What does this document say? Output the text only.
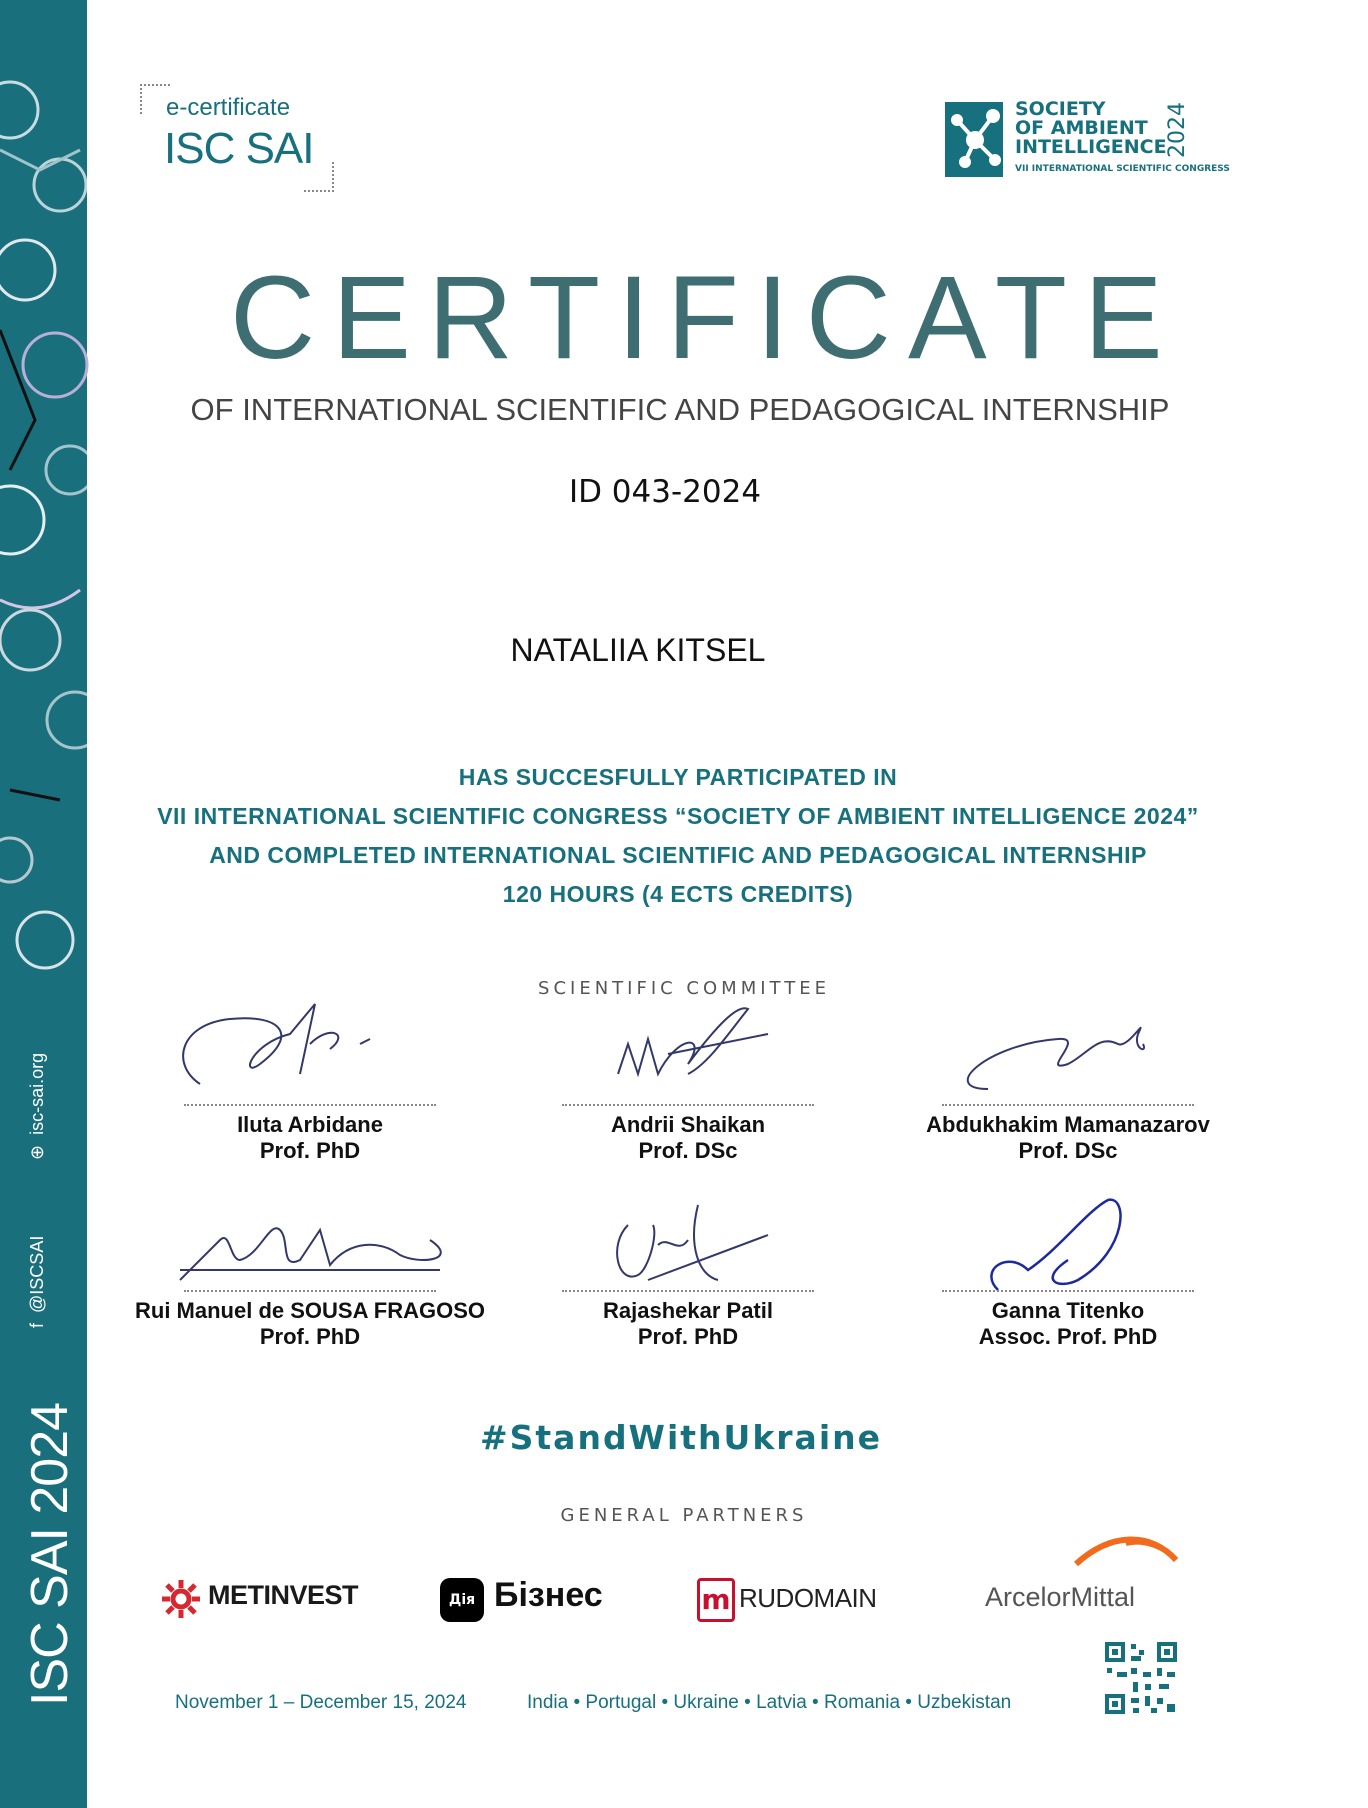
⊕  isc-sai.org
f  @ISCSAI
ISC SAI 2024
e-certificate
ISC SAI
SOCIETY
OF AMBIENT
INTELLIGENCE
VII INTERNATIONAL SCIENTIFIC CONGRESS
2024
CERTIFICATE
OF INTERNATIONAL SCIENTIFIC AND PEDAGOGICAL INTERNSHIP
ID 043-2024
NATALIIA KITSEL
HAS SUCCESFULLY PARTICIPATED IN
VII INTERNATIONAL SCIENTIFIC CONGRESS “SOCIETY OF AMBIENT INTELLIGENCE 2024”
AND COMPLETED INTERNATIONAL SCIENTIFIC AND PEDAGOGICAL INTERNSHIP
120 HOURS (4 ECTS CREDITS)
SCIENTIFIC COMMITTEE
Iluta Arbidane
Prof. PhD
Andrii Shaikan
Prof. DSc
Abdukhakim Mamanazarov
Prof. DSc
Rui Manuel de SOUSA FRAGOSO
Prof. PhD
Rajashekar Patil
Prof. PhD
Ganna Titenko
Assoc. Prof. PhD
#StandWithUkraine
GENERAL PARTNERS
METINVEST	Дія Бізнес	m RUDOMAIN	ArcelorMittal
November 1 – December 15, 2024	India • Portugal • Ukraine • Latvia • Romania • Uzbekistan
